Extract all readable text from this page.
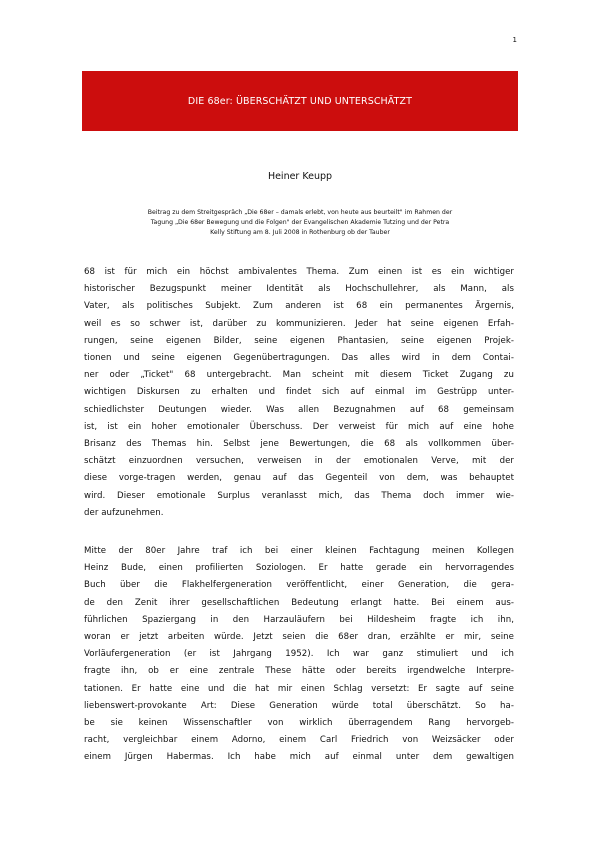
1
DIE 68er: ÜBERSCHÄTZT UND UNTERSCHÄTZT
Heiner Keupp
Beitrag zu dem Streitgespräch „Die 68er – damals erlebt, von heute aus beurteilt" im Rahmen der
Tagung „Die 68er Bewegung und die Folgen" der Evangelischen Akademie Tutzing und der Petra
Kelly Stiftung am 8. Juli 2008 in Rothenburg ob der Tauber
68 ist für mich ein höchst ambivalentes Thema. Zum einen ist es ein wichtiger
historischer Bezugspunkt meiner Identität als Hochschullehrer, als Mann, als
Vater, als politisches Subjekt. Zum anderen ist 68 ein permanentes Ärgernis,
weil es so schwer ist, darüber zu kommunizieren. Jeder hat seine eigenen Erfah-
rungen, seine eigenen Bilder, seine eigenen Phantasien, seine eigenen Projek-
tionen und seine eigenen Gegenübertragungen. Das alles wird in dem Contai-
ner oder „Ticket" 68 untergebracht. Man scheint mit diesem Ticket Zugang zu
wichtigen Diskursen zu erhalten und findet sich auf einmal im Gestrüpp unter-
schiedlichster Deutungen wieder. Was allen Bezugnahmen auf 68 gemeinsam
ist, ist ein hoher emotionaler Überschuss. Der verweist für mich auf eine hohe
Brisanz des Themas hin. Selbst jene Bewertungen, die 68 als vollkommen über-
schätzt einzuordnen versuchen, verweisen in der emotionalen Verve, mit der
diese vorge-tragen werden, genau auf das Gegenteil von dem, was behauptet
wird. Dieser emotionale Surplus veranlasst mich, das Thema doch immer wie-
der aufzunehmen.
Mitte der 80er Jahre traf ich bei einer kleinen Fachtagung meinen Kollegen
Heinz Bude, einen profilierten Soziologen. Er hatte gerade ein hervorragendes
Buch über die Flakhelfergeneration veröffentlicht, einer Generation, die gera-
de den Zenit ihrer gesellschaftlichen Bedeutung erlangt hatte. Bei einem aus-
führlichen Spaziergang in den Harzauläufern bei Hildesheim fragte ich ihn,
woran er jetzt arbeiten würde. Jetzt seien die 68er dran, erzählte er mir, seine
Vorläufergeneration (er ist Jahrgang 1952). Ich war ganz stimuliert und ich
fragte ihn, ob er eine zentrale These hätte oder bereits irgendwelche Interpre-
tationen. Er hatte eine und die hat mir einen Schlag versetzt: Er sagte auf seine
liebenswert-provokante Art: Diese Generation würde total überschätzt. So ha-
be sie keinen Wissenschaftler von wirklich überragendem Rang hervorgeb-
racht, vergleichbar einem Adorno, einem Carl Friedrich von Weizsäcker oder
einem Jürgen Habermas. Ich habe mich auf einmal unter dem gewaltigen
